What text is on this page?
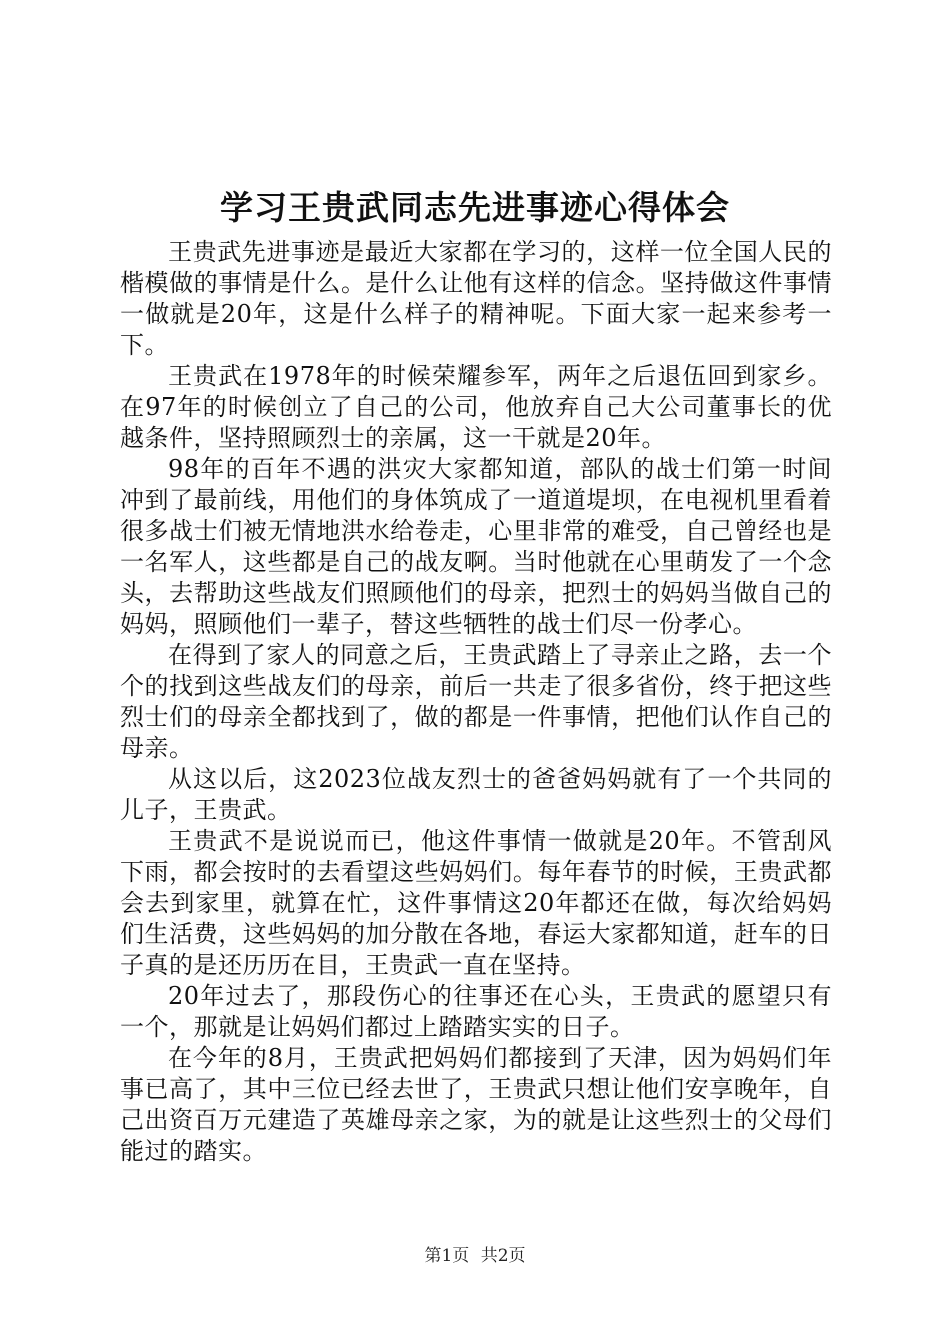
学习王贵武同志先进事迹心得体会

王贵武先进事迹是最近大家都在学习的，这样一位全国人民的楷模做的事情是什么。是什么让他有这样的信念。坚持做这件事情一做就是20年，这是什么样子的精神呢。下面大家一起来参考一下。

王贵武在1978年的时候荣耀参军，两年之后退伍回到家乡。在97年的时候创立了自己的公司，他放弃自己大公司董事长的优越条件，坚持照顾烈士的亲属，这一干就是20年。

98年的百年不遇的洪灾大家都知道，部队的战士们第一时间冲到了最前线，用他们的身体筑成了一道道堤坝，在电视机里看着很多战士们被无情地洪水给卷走，心里非常的难受，自己曾经也是一名军人，这些都是自己的战友啊。当时他就在心里萌发了一个念头，去帮助这些战友们照顾他们的母亲，把烈士的妈妈当做自己的妈妈，照顾他们一辈子，替这些牺牲的战士们尽一份孝心。

在得到了家人的同意之后，王贵武踏上了寻亲止之路，去一个个的找到这些战友们的母亲，前后一共走了很多省份，终于把这些烈士们的母亲全都找到了，做的都是一件事情，把他们认作自己的母亲。

从这以后，这2023位战友烈士的爸爸妈妈就有了一个共同的儿子，王贵武。

王贵武不是说说而已，他这件事情一做就是20年。不管刮风下雨，都会按时的去看望这些妈妈们。每年春节的时候，王贵武都会去到家里，就算在忙，这件事情这20年都还在做，每次给妈妈们生活费，这些妈妈的加分散在各地，春运大家都知道，赶车的日子真的是还历历在目，王贵武一直在坚持。

20年过去了，那段伤心的往事还在心头，王贵武的愿望只有一个，那就是让妈妈们都过上踏踏实实的日子。

在今年的8月，王贵武把妈妈们都接到了天津，因为妈妈们年事已高了，其中三位已经去世了，王贵武只想让他们安享晚年，自己出资百万元建造了英雄母亲之家，为的就是让这些烈士的父母们能过的踏实。

第1页 共2页
